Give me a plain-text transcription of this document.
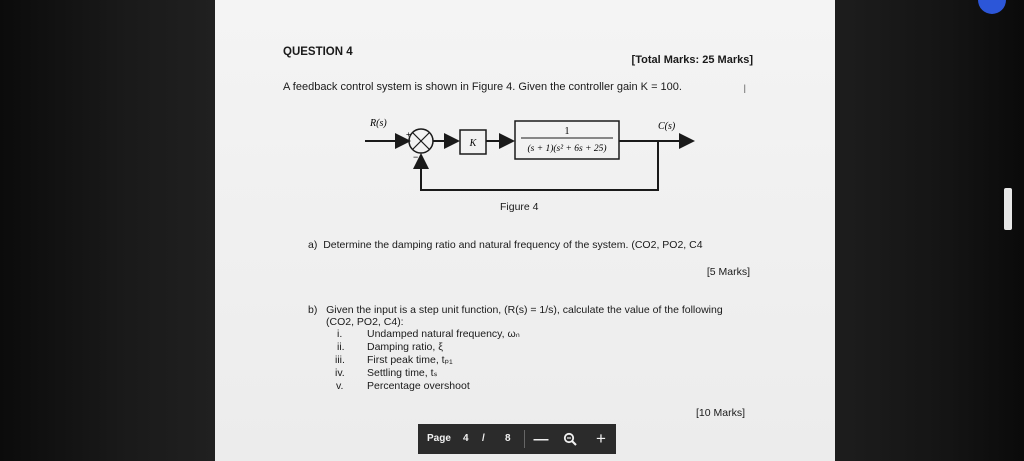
QUESTION 4
[Total Marks: 25 Marks]
A feedback control system is shown in Figure 4. Given the controller gain K = 100.	I
R(s)
+
−
K
1
(s + 1)(s² + 6s + 25)
C(s)
Figure 4
a) Determine the damping ratio and natural frequency of the system. (CO2, PO2, C4
[5 Marks]
b) Given the input is a step unit function, (R(s) = 1/s), calculate the value of the following
(CO2, PO2, C4):
i.	Undamped natural frequency, ωₙ
ii.	Damping ratio, ξ
iii.	First peak time, tₚ₁
iv.	Settling time, tₛ
v.	Percentage overshoot
[10 Marks]
Page 4 / 8	—	+
